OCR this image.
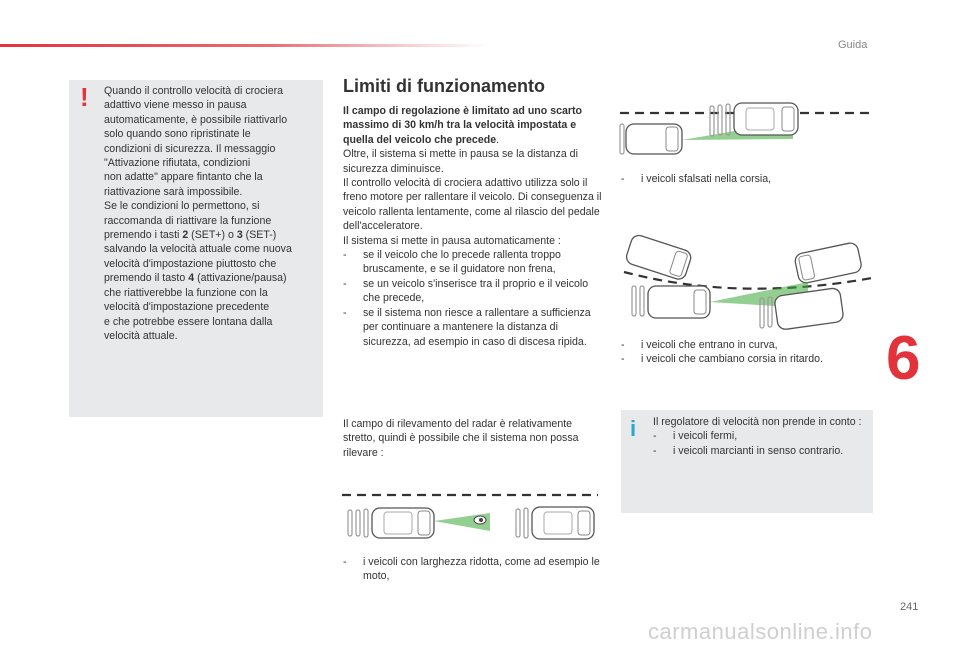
Guida
! Quando il controllo velocità di crociera
adattivo viene messo in pausa
automaticamente, è possibile riattivarlo
solo quando sono ripristinate le
condizioni di sicurezza. Il messaggio
"Attivazione rifiutata, condizioni
non adatte" appare fintanto che la
riattivazione sarà impossibile.
Se le condizioni lo permettono, si
raccomanda di riattivare la funzione
premendo i tasti 2 (SET+) o 3 (SET-)
salvando la velocità attuale come nuova
velocità d'impostazione piuttosto che
premendo il tasto 4 (attivazione/pausa)
che riattiverebbe la funzione con la
velocità d'impostazione precedente
e che potrebbe essere lontana dalla
velocità attuale.
Limiti di funzionamento

Il campo di regolazione è limitato ad uno scarto massimo di 30 km/h tra la velocità impostata e quella del veicolo che precede.

Oltre, il sistema si mette in pausa se la distanza di sicurezza diminuisce.

Il controllo velocità di crociera adattivo utilizza solo il freno motore per rallentare il veicolo. Di conseguenza il veicolo rallenta lentamente, come al rilascio del pedale dell'acceleratore.

Il sistema si mette in pausa automaticamente :

-	se il veicolo che lo precede rallenta troppo bruscamente, e se il guidatore non frena,
-	se un veicolo s'inserisce tra il proprio e il veicolo che precede,
-	se il sistema non riesce a rallentare a sufficienza per continuare a mantenere la distanza di sicurezza, ad esempio in caso di discesa ripida.
Il campo di rilevamento del radar è relativamente stretto, quindi è possibile che il sistema non possa rilevare :
-	i veicoli con larghezza ridotta, come ad esempio le moto,
-	i veicoli sfalsati nella corsia,
-	i veicoli che entrano in curva,
-	i veicoli che cambiano corsia in ritardo.
i Il regolatore di velocità non prende in conto :
-	i veicoli fermi,
-	i veicoli marcianti in senso contrario.
6
241
carmanualsonline.info
